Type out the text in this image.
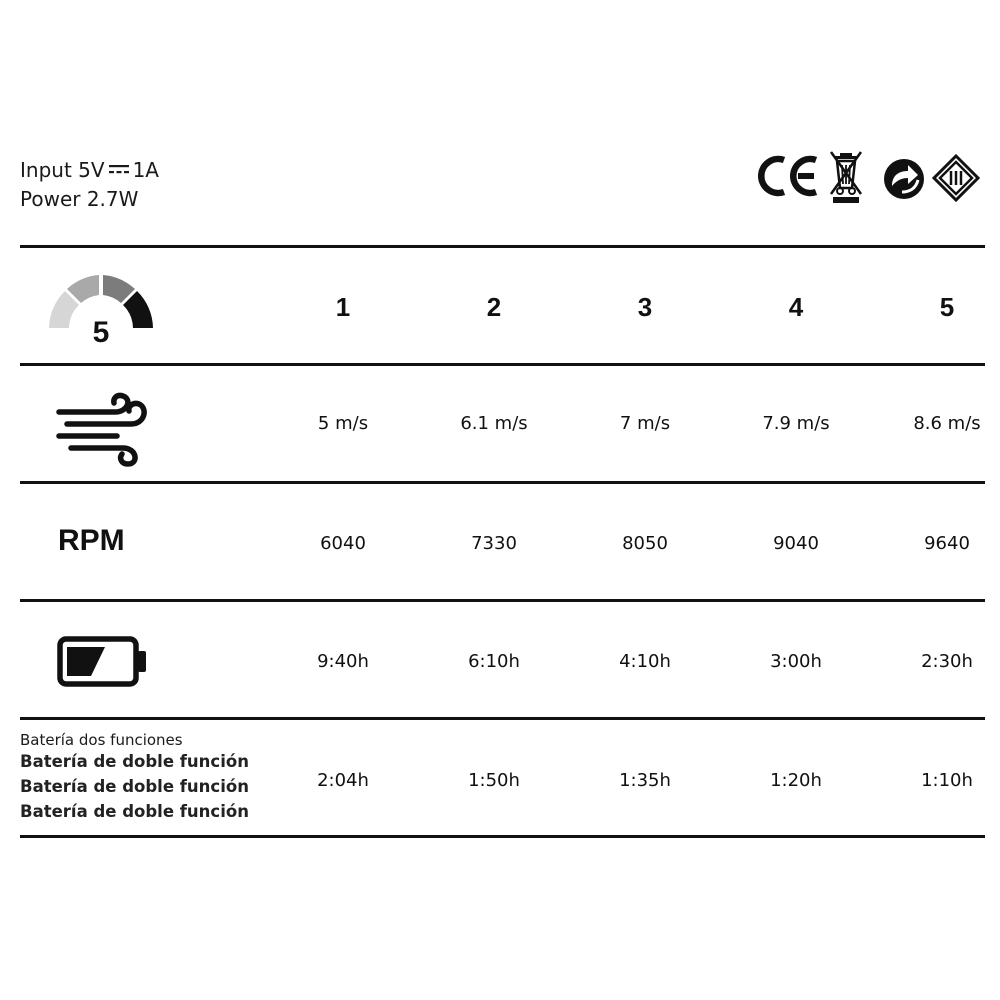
Input 5V 1A
Power 2.7W
5
1	2	3	4	5
5 m/s	6.1 m/s	7 m/s	7.9 m/s	8.6 m/s
RPM	6040	7330	8050	9040	9640
9:40h	6:10h	4:10h	3:00h	2:30h
Batería dos funciones
Batería de doble función
Batería de doble función
Batería de doble función
2:04h	1:50h	1:35h	1:20h	1:10h
